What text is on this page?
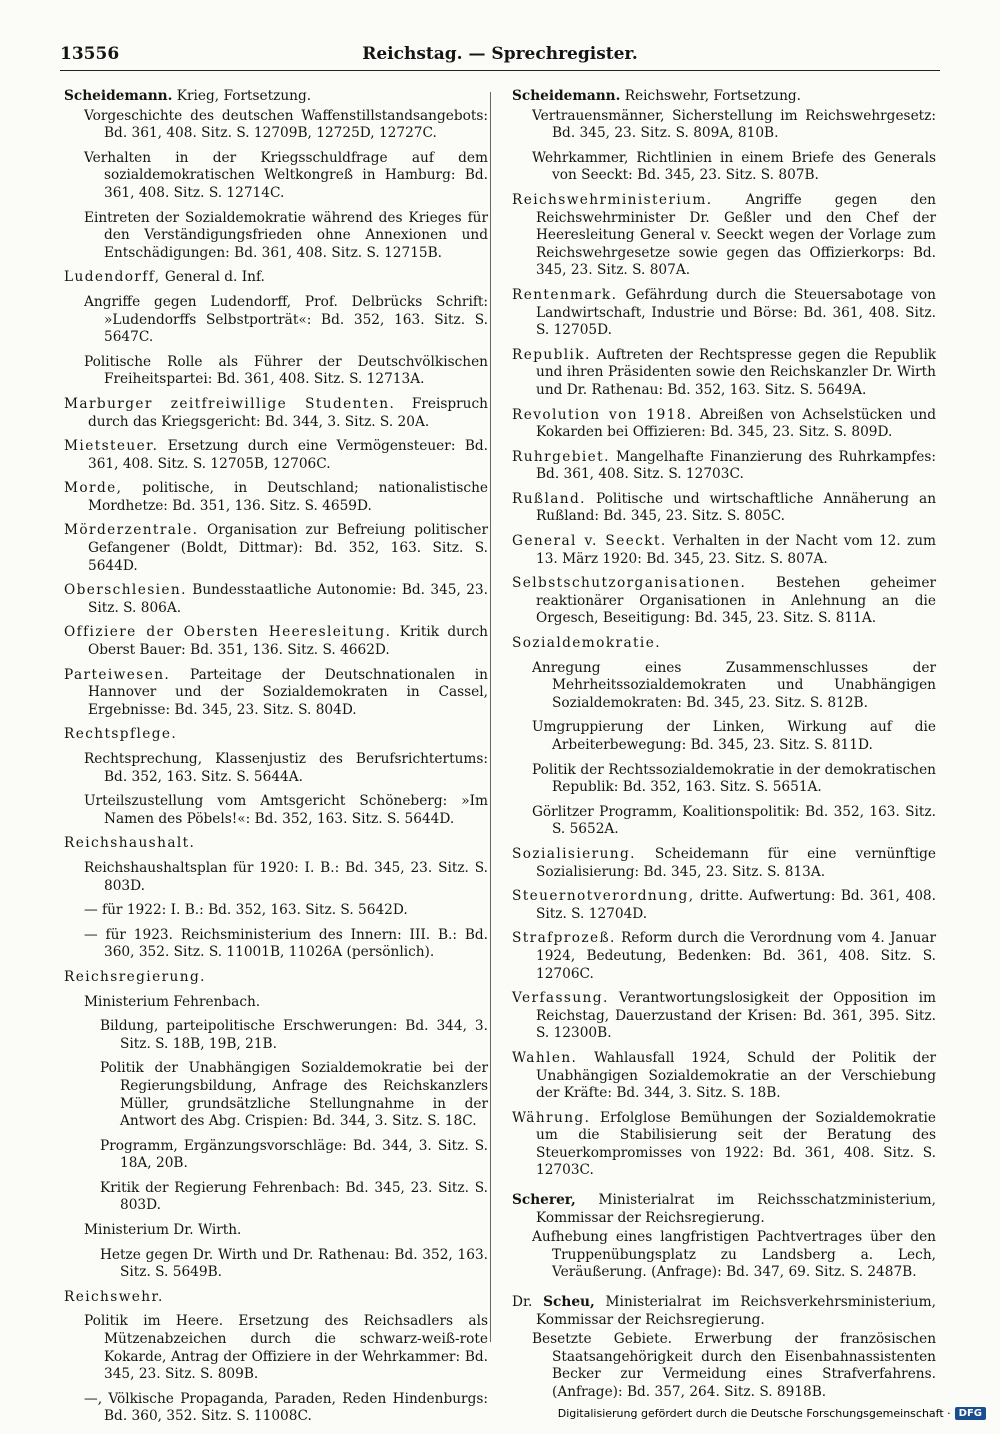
13556	Reichstag. — Sprechregister.

Scheidemann. Krieg, Fortsetzung.

Vorgeschichte des deutschen Waffenstillstandsangebots: Bd. 361, 408. Sitz. S. 12709B, 12725D, 12727C.

Verhalten in der Kriegsschuldfrage auf dem sozialdemokratischen Weltkongreß in Hamburg: Bd. 361, 408. Sitz. S. 12714C.

Eintreten der Sozialdemokratie während des Krieges für den Verständigungsfrieden ohne Annexionen und Entschädigungen: Bd. 361, 408. Sitz. S. 12715B.

Ludendorff, General d. Inf.

Angriffe gegen Ludendorff, Prof. Delbrücks Schrift: »Ludendorffs Selbstporträt«: Bd. 352, 163. Sitz. S. 5647C.

Politische Rolle als Führer der Deutschvölkischen Freiheitspartei: Bd. 361, 408. Sitz. S. 12713A.

Marburger zeitfreiwillige Studenten. Freispruch durch das Kriegsgericht: Bd. 344, 3. Sitz. S. 20A.

Mietsteuer. Ersetzung durch eine Vermögensteuer: Bd. 361, 408. Sitz. S. 12705B, 12706C.

Morde, politische, in Deutschland; nationalistische Mordhetze: Bd. 351, 136. Sitz. S. 4659D.

Mörderzentrale. Organisation zur Befreiung politischer Gefangener (Boldt, Dittmar): Bd. 352, 163. Sitz. S. 5644D.

Oberschlesien. Bundesstaatliche Autonomie: Bd. 345, 23. Sitz. S. 806A.

Offiziere der Obersten Heeresleitung. Kritik durch Oberst Bauer: Bd. 351, 136. Sitz. S. 4662D.

Parteiwesen. Parteitage der Deutschnationalen in Hannover und der Sozialdemokraten in Cassel, Ergebnisse: Bd. 345, 23. Sitz. S. 804D.

Rechtspflege.

Rechtsprechung, Klassenjustiz des Berufsrichtertums: Bd. 352, 163. Sitz. S. 5644A.

Urteilszustellung vom Amtsgericht Schöneberg: »Im Namen des Pöbels!«: Bd. 352, 163. Sitz. S. 5644D.

Reichshaushalt.

Reichshaushaltsplan für 1920: I. B.: Bd. 345, 23. Sitz. S. 803D.

— für 1922: I. B.: Bd. 352, 163. Sitz. S. 5642D.

— für 1923. Reichsministerium des Innern: III. B.: Bd. 360, 352. Sitz. S. 11001B, 11026A (persönlich).

Reichsregierung.

Ministerium Fehrenbach.

Bildung, parteipolitische Erschwerungen: Bd. 344, 3. Sitz. S. 18B, 19B, 21B.

Politik der Unabhängigen Sozialdemokratie bei der Regierungsbildung, Anfrage des Reichskanzlers Müller, grundsätzliche Stellungnahme in der Antwort des Abg. Crispien: Bd. 344, 3. Sitz. S. 18C.

Programm, Ergänzungsvorschläge: Bd. 344, 3. Sitz. S. 18A, 20B.

Kritik der Regierung Fehrenbach: Bd. 345, 23. Sitz. S. 803D.

Ministerium Dr. Wirth.

Hetze gegen Dr. Wirth und Dr. Rathenau: Bd. 352, 163. Sitz. S. 5649B.

Reichswehr.

Politik im Heere. Ersetzung des Reichsadlers als Mützenabzeichen durch die schwarz-weiß-rote Kokarde, Antrag der Offiziere in der Wehrkammer: Bd. 345, 23. Sitz. S. 809B.

—, Völkische Propaganda, Paraden, Reden Hindenburgs: Bd. 360, 352. Sitz. S. 11008C.

Scheidemann. Reichswehr, Fortsetzung.

Vertrauensmänner, Sicherstellung im Reichswehrgesetz: Bd. 345, 23. Sitz. S. 809A, 810B.

Wehrkammer, Richtlinien in einem Briefe des Generals von Seeckt: Bd. 345, 23. Sitz. S. 807B.

Reichswehrministerium. Angriffe gegen den Reichswehrminister Dr. Geßler und den Chef der Heeresleitung General v. Seeckt wegen der Vorlage zum Reichswehrgesetze sowie gegen das Offizierkorps: Bd. 345, 23. Sitz. S. 807A.

Rentenmark. Gefährdung durch die Steuersabotage von Landwirtschaft, Industrie und Börse: Bd. 361, 408. Sitz. S. 12705D.

Republik. Auftreten der Rechtspresse gegen die Republik und ihren Präsidenten sowie den Reichskanzler Dr. Wirth und Dr. Rathenau: Bd. 352, 163. Sitz. S. 5649A.

Revolution von 1918. Abreißen von Achselstücken und Kokarden bei Offizieren: Bd. 345, 23. Sitz. S. 809D.

Ruhrgebiet. Mangelhafte Finanzierung des Ruhrkampfes: Bd. 361, 408. Sitz. S. 12703C.

Rußland. Politische und wirtschaftliche Annäherung an Rußland: Bd. 345, 23. Sitz. S. 805C.

General v. Seeckt. Verhalten in der Nacht vom 12. zum 13. März 1920: Bd. 345, 23. Sitz. S. 807A.

Selbstschutzorganisationen. Bestehen geheimer reaktionärer Organisationen in Anlehnung an die Orgesch, Beseitigung: Bd. 345, 23. Sitz. S. 811A.

Sozialdemokratie.

Anregung eines Zusammenschlusses der Mehrheitssozialdemokraten und Unabhängigen Sozialdemokraten: Bd. 345, 23. Sitz. S. 812B.

Umgruppierung der Linken, Wirkung auf die Arbeiterbewegung: Bd. 345, 23. Sitz. S. 811D.

Politik der Rechtssozialdemokratie in der demokratischen Republik: Bd. 352, 163. Sitz. S. 5651A.

Görlitzer Programm, Koalitionspolitik: Bd. 352, 163. Sitz. S. 5652A.

Sozialisierung. Scheidemann für eine vernünftige Sozialisierung: Bd. 345, 23. Sitz. S. 813A.

Steuernotverordnung, dritte. Aufwertung: Bd. 361, 408. Sitz. S. 12704D.

Strafprozeß. Reform durch die Verordnung vom 4. Januar 1924, Bedeutung, Bedenken: Bd. 361, 408. Sitz. S. 12706C.

Verfassung. Verantwortungslosigkeit der Opposition im Reichstag, Dauerzustand der Krisen: Bd. 361, 395. Sitz. S. 12300B.

Wahlen. Wahlausfall 1924, Schuld der Politik der Unabhängigen Sozialdemokratie an der Verschiebung der Kräfte: Bd. 344, 3. Sitz. S. 18B.

Währung. Erfolglose Bemühungen der Sozialdemokratie um die Stabilisierung seit der Beratung des Steuerkompromisses von 1922: Bd. 361, 408. Sitz. S. 12703C.

Scherer, Ministerialrat im Reichsschatzministerium, Kommissar der Reichsregierung.

Aufhebung eines langfristigen Pachtvertrages über den Truppenübungsplatz zu Landsberg a. Lech, Veräußerung. (Anfrage): Bd. 347, 69. Sitz. S. 2487B.

Dr. Scheu, Ministerialrat im Reichsverkehrsministerium, Kommissar der Reichsregierung.

Besetzte Gebiete. Erwerbung der französischen Staatsangehörigkeit durch den Eisenbahnassistenten Becker zur Vermeidung eines Strafverfahrens. (Anfrage): Bd. 357, 264. Sitz. S. 8918B.

Digitalisierung gefördert durch die Deutsche Forschungsgemeinschaft · DFG
